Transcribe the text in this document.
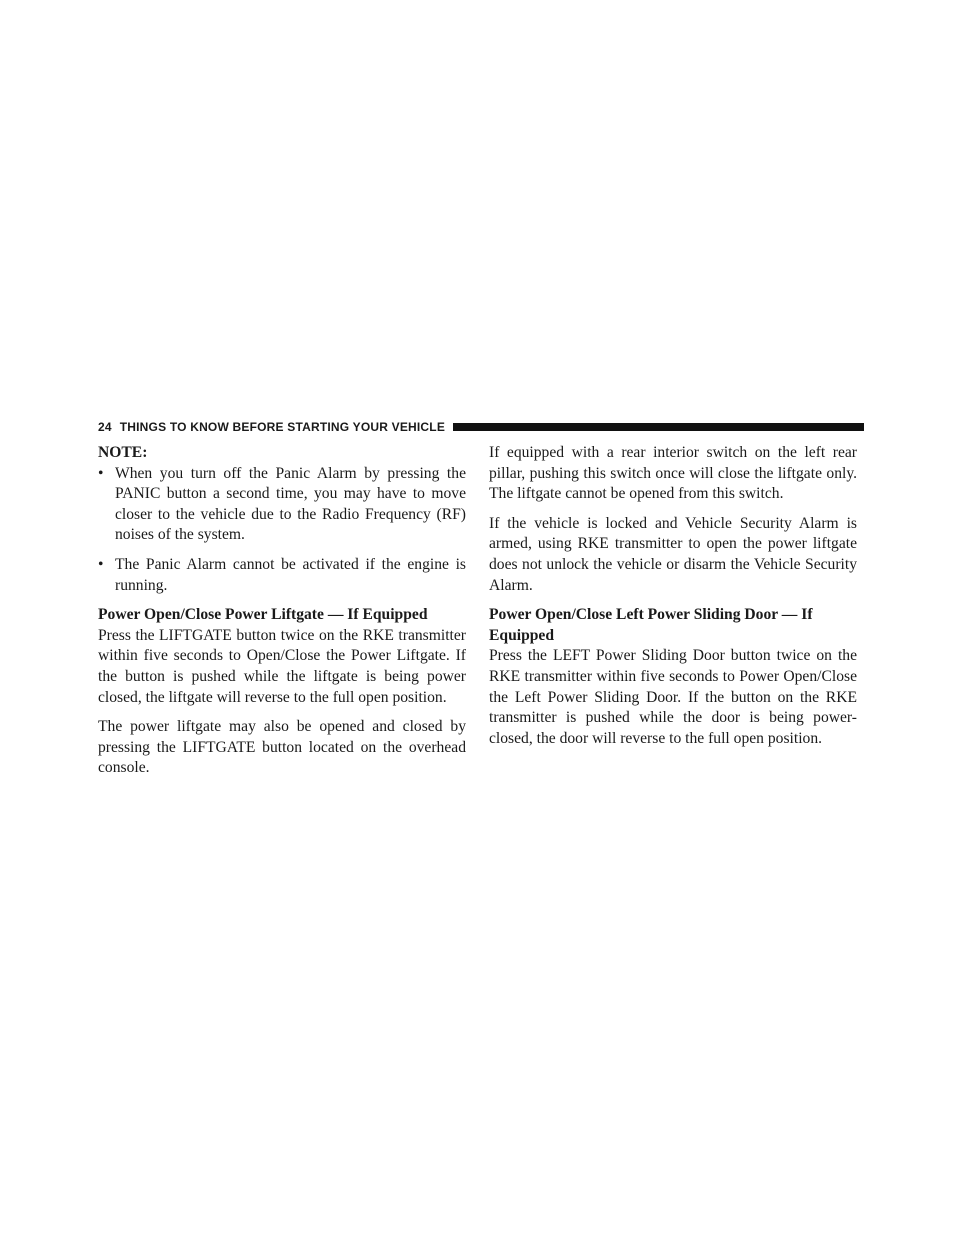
24 THINGS TO KNOW BEFORE STARTING YOUR VEHICLE

NOTE:

• When you turn off the Panic Alarm by pressing the PANIC button a second time, you may have to move closer to the vehicle due to the Radio Frequency (RF) noises of the system.
• The Panic Alarm cannot be activated if the engine is running.

Power Open/Close Power Liftgate — If Equipped

Press the LIFTGATE button twice on the RKE transmitter within five seconds to Open/Close the Power Liftgate. If the button is pushed while the liftgate is being power closed, the liftgate will reverse to the full open position.

The power liftgate may also be opened and closed by pressing the LIFTGATE button located on the overhead console.

If equipped with a rear interior switch on the left rear pillar, pushing this switch once will close the liftgate only. The liftgate cannot be opened from this switch.

If the vehicle is locked and Vehicle Security Alarm is armed, using RKE transmitter to open the power liftgate does not unlock the vehicle or disarm the Vehicle Security Alarm.

Power Open/Close Left Power Sliding Door — If Equipped

Press the LEFT Power Sliding Door button twice on the RKE transmitter within five seconds to Power Open/Close the Left Power Sliding Door. If the button on the RKE transmitter is pushed while the door is being power-closed, the door will reverse to the full open position.
